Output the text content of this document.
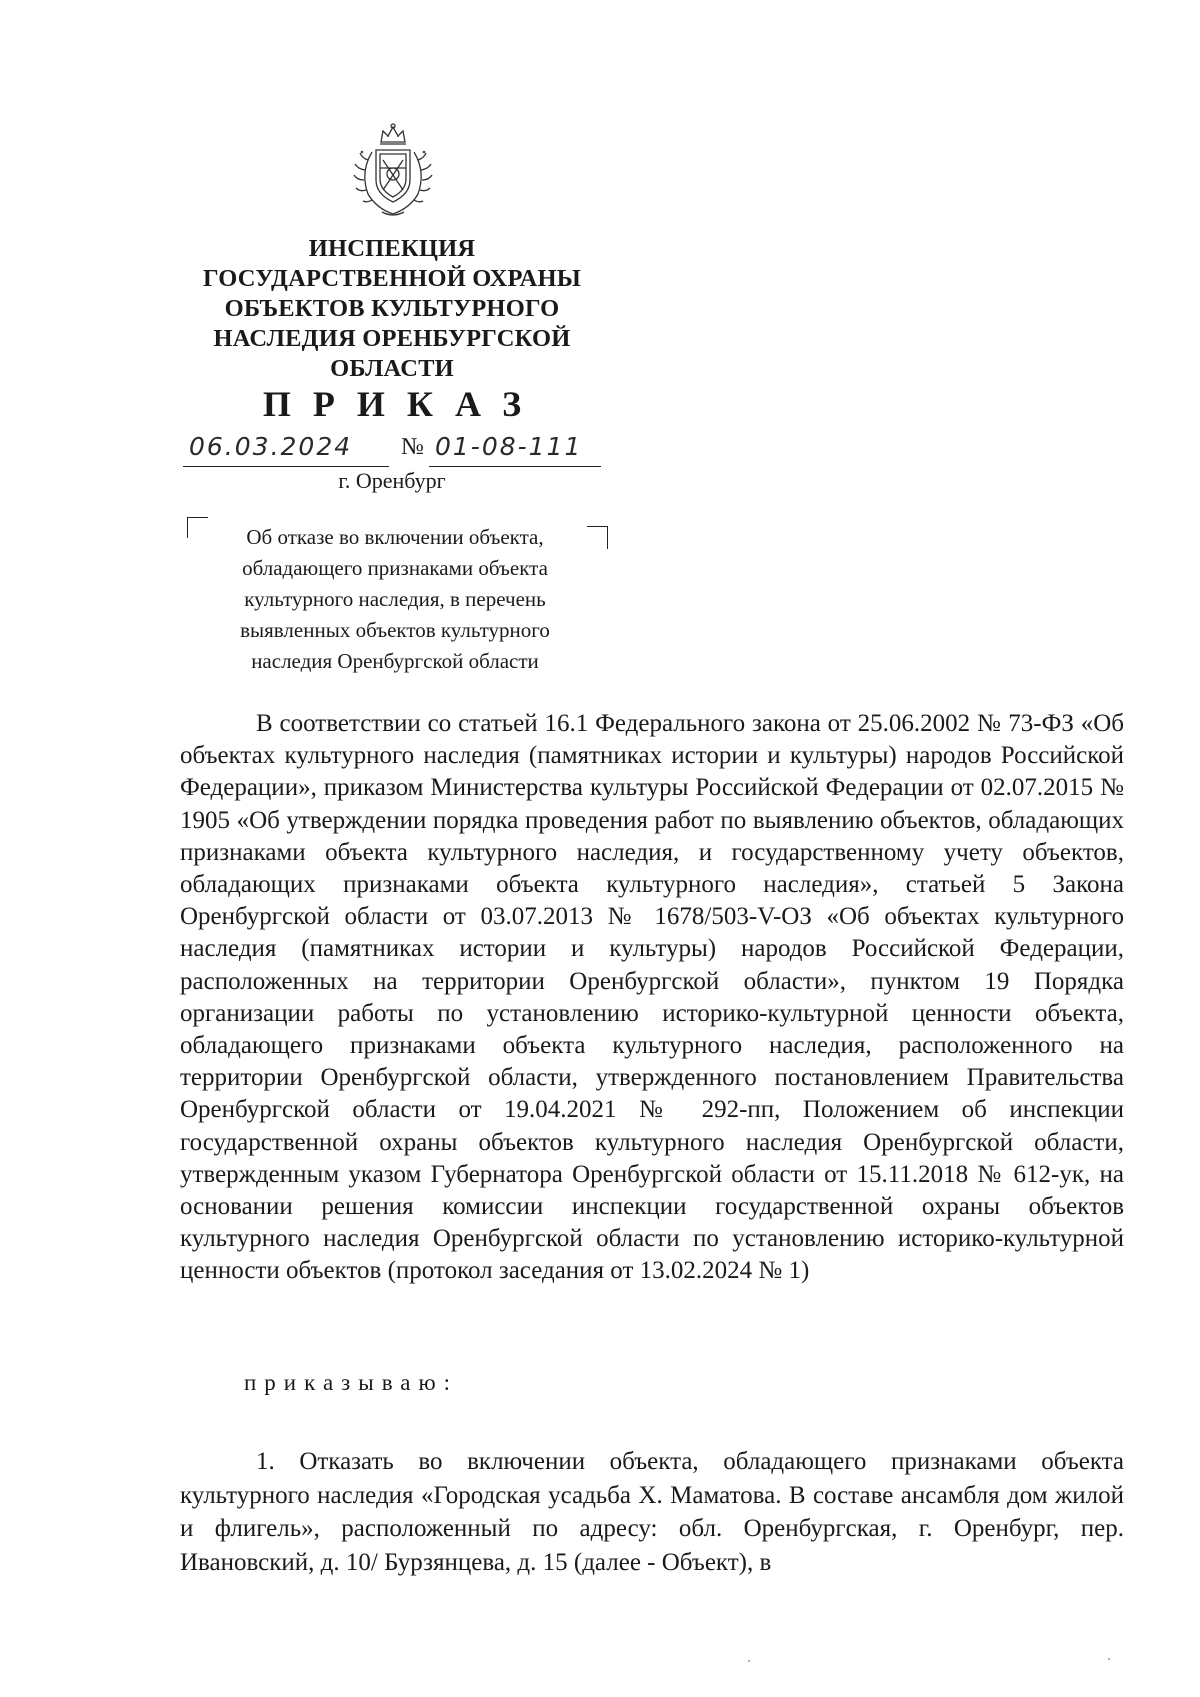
ИНСПЕКЦИЯ
ГОСУДАРСТВЕННОЙ ОХРАНЫ
ОБЪЕКТОВ КУЛЬТУРНОГО
НАСЛЕДИЯ ОРЕНБУРГСКОЙ
ОБЛАСТИ
ПРИКАЗ
06.03.2024 № 01-08-111
г. Оренбург
Об отказе во включении объекта,
обладающего признаками объекта
культурного наследия, в перечень
выявленных объектов культурного
наследия Оренбургской области
В соответствии со статьей 16.1 Федерального закона от 25.06.2002 № 73-ФЗ «Об объектах культурного наследия (памятниках истории и культуры) народов Российской Федерации», приказом Министерства культуры Российской Федерации от 02.07.2015 № 1905 «Об утверждении порядка проведения работ по выявлению объектов, обладающих признаками объекта культурного наследия, и государственному учету объектов, обладающих признаками объекта культурного наследия», статьей 5 Закона Оренбургской области от 03.07.2013 № 1678/503-V-ОЗ «Об объектах культурного наследия (памятниках истории и культуры) народов Российской Федерации, расположенных на территории Оренбургской области», пунктом 19 Порядка организации работы по установлению историко-культурной ценности объекта, обладающего признаками объекта культурного наследия, расположенного на территории Оренбургской области, утвержденного постановлением Правительства Оренбургской области от 19.04.2021 № 292-пп, Положением об инспекции государственной охраны объектов культурного наследия Оренбургской области, утвержденным указом Губернатора Оренбургской области от 15.11.2018 № 612-ук, на основании решения комиссии инспекции государственной охраны объектов культурного наследия Оренбургской области по установлению историко-культурной ценности объектов (протокол заседания от 13.02.2024 № 1)
приказываю:
1. Отказать во включении объекта, обладающего признаками объекта культурного наследия «Городская усадьба Х. Маматова. В составе ансамбля дом жилой и флигель», расположенный по адресу: обл. Оренбургская, г. Оренбург, пер. Ивановский, д. 10/ Бурзянцева, д. 15 (далее - Объект), в
